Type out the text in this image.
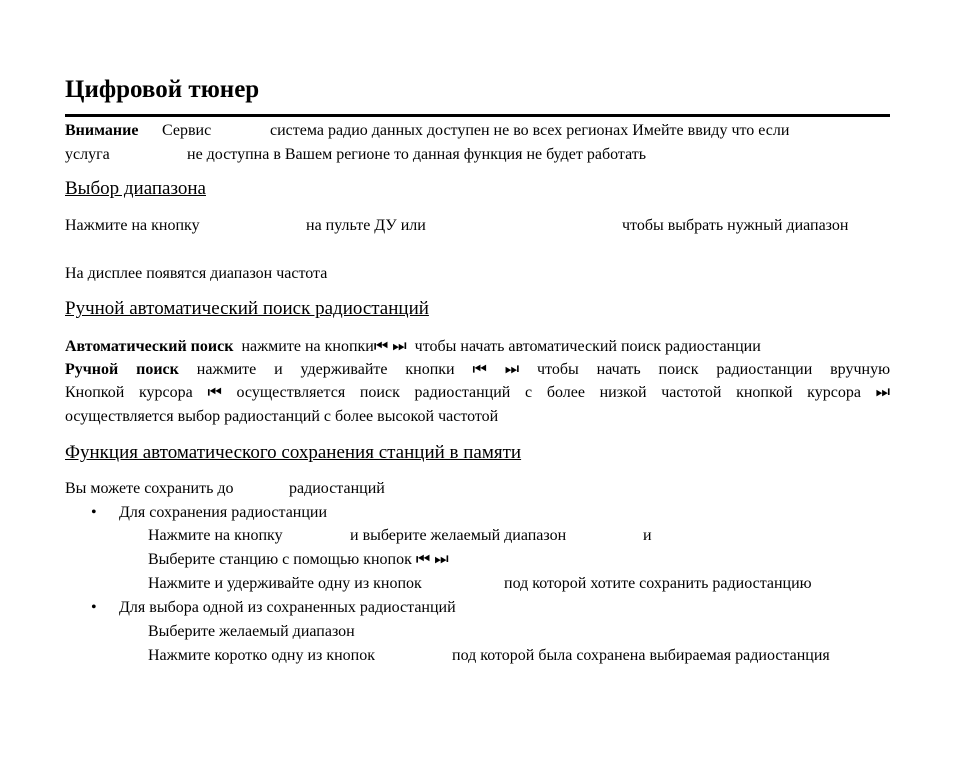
Цифровой тюнер
Внимание Сервис	система радио данных доступен не во всех регионах Имейте ввиду что если
услуга	не доступна в Вашем регионе то данная функция не будет работать
Выбор диапазона
Нажмите на кнопку	на пульте ДУ или	чтобы выбрать нужный диапазон
На дисплее появятся диапазон частота
Ручной автоматический поиск радиостанций
Автоматический поиск нажмите на кнопки⏮ ⏭ чтобы начать автоматический поиск радиостанции
Ручной поиск нажмите и удерживайте кнопки ⏮ ⏭ чтобы начать поиск радиостанции вручную
Кнопкой курсора ⏮ осуществляется поиск радиостанций с более низкой частотой кнопкой курсора ⏭
осуществляется выбор радиостанций с более высокой частотой
Функция автоматического сохранения станций в памяти
Вы можете сохранить до	радиостанций
• Для сохранения радиостанции
Нажмите на кнопку	и выберите желаемый диапазон	и
Выберите станцию с помощью кнопок ⏮ ⏭
Нажмите и удерживайте одну из кнопок	под которой хотите сохранить радиостанцию
• Для выбора одной из сохраненных радиостанций
Выберите желаемый диапазон
Нажмите коротко одну из кнопок	под которой была сохранена выбираемая радиостанция
